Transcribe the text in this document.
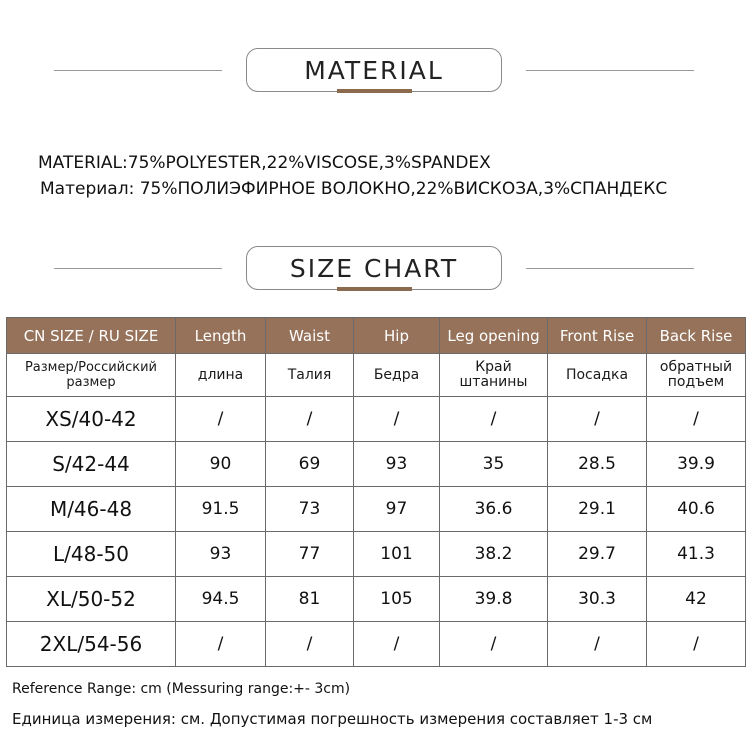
MATERIAL
MATERIAL:75%POLYESTER,22%VISCOSE,3%SPANDEX
Материал: 75%ПОЛИЭФИРНОЕ ВОЛОКНО,22%ВИСКОЗА,3%СПАНДЕКС
SIZE CHART
CN SIZE / RU SIZE	Length	Waist	Hip	Leg opening	Front Rise	Back Rise
Размер/Российский размер	длина	Талия	Бедра	Край штанины	Посадка	обратный подъем
XS/40-42	/	/	/	/	/	/
S/42-44	90	69	93	35	28.5	39.9
M/46-48	91.5	73	97	36.6	29.1	40.6
L/48-50	93	77	101	38.2	29.7	41.3
XL/50-52	94.5	81	105	39.8	30.3	42
2XL/54-56	/	/	/	/	/	/
Reference Range: cm (Messuring range:+- 3cm)
Единица измерения: см. Допустимая погрешность измерения составляет 1-3 см
